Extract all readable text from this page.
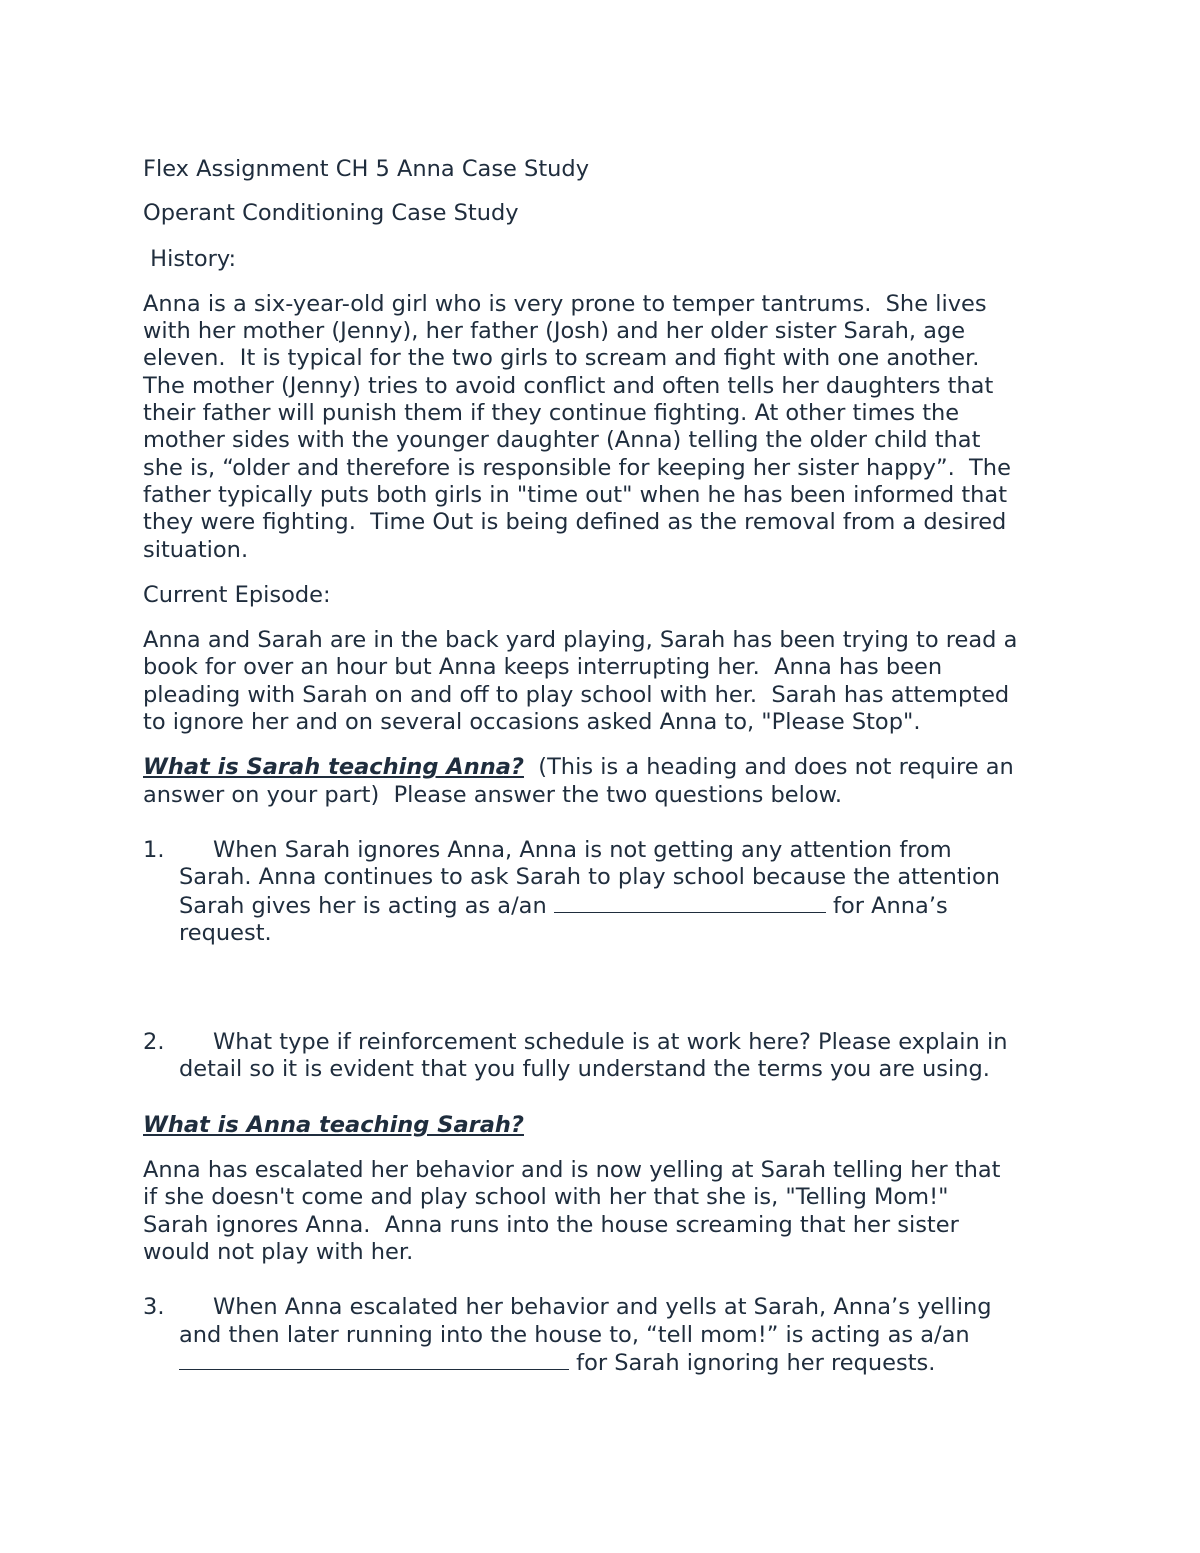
Flex Assignment CH 5 Anna Case Study

Operant Conditioning Case Study

History:

Anna is a six-year-old girl who is very prone to temper tantrums.  She lives
with her mother (Jenny), her father (Josh) and her older sister Sarah, age
eleven.  It is typical for the two girls to scream and fight with one another.
The mother (Jenny) tries to avoid conflict and often tells her daughters that
their father will punish them if they continue fighting. At other times the
mother sides with the younger daughter (Anna) telling the older child that
she is, “older and therefore is responsible for keeping her sister happy”.  The
father typically puts both girls in "time out" when he has been informed that
they were fighting.  Time Out is being defined as the removal from a desired
situation.

Current Episode:

Anna and Sarah are in the back yard playing, Sarah has been trying to read a
book for over an hour but Anna keeps interrupting her.  Anna has been
pleading with Sarah on and off to play school with her.  Sarah has attempted
to ignore her and on several occasions asked Anna to, "Please Stop".

What is Sarah teaching Anna?  (This is a heading and does not require an
answer on your part)  Please answer the two questions below.

1.	When Sarah ignores Anna, Anna is not getting any attention from
Sarah. Anna continues to ask Sarah to play school because the attention
Sarah gives her is acting as a/an	for Anna’s
request.
2.	What type if reinforcement schedule is at work here? Please explain in
detail so it is evident that you fully understand the terms you are using.

What is Anna teaching Sarah?

Anna has escalated her behavior and is now yelling at Sarah telling her that
if she doesn't come and play school with her that she is, "Telling Mom!"
Sarah ignores Anna.  Anna runs into the house screaming that her sister
would not play with her.

3.	When Anna escalated her behavior and yells at Sarah, Anna’s yelling
and then later running into the house to, “tell mom!” is acting as a/an
for Sarah ignoring her requests.
